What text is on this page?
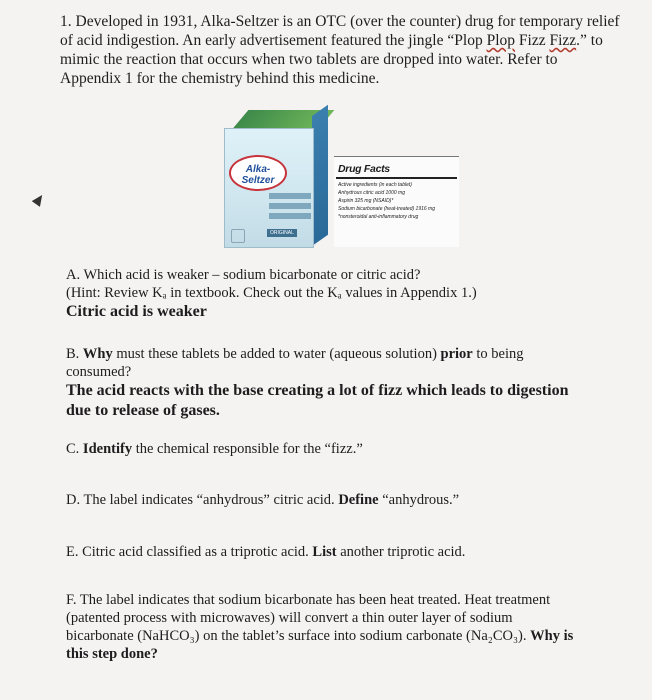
1. Developed in 1931, Alka-Seltzer is an OTC (over the counter) drug for temporary relief of acid indigestion. An early advertisement featured the jingle “Plop Plop Fizz Fizz.” to mimic the reaction that occurs when two tablets are dropped into water. Refer to Appendix 1 for the chemistry behind this medicine.
Alka-
Seltzer
ORIGINAL
Drug Facts
Active ingredients (in each tablet)
Anhydrous citric acid 1000 mg
Aspirin 325 mg (NSAID)*
Sodium bicarbonate (heat-treated) 1916 mg
*nonsteroidal anti-inflammatory drug
A. Which acid is weaker – sodium bicarbonate or citric acid?
(Hint: Review Kₐ in textbook. Check out the Kₐ values in Appendix 1.)
Citric acid is weaker
B. Why must these tablets be added to water (aqueous solution) prior to being consumed?
The acid reacts with the base creating a lot of fizz which leads to digestion due to release of gases.
C. Identify the chemical responsible for the “fizz.”
D. The label indicates “anhydrous” citric acid. Define “anhydrous.”
E. Citric acid classified as a triprotic acid. List another triprotic acid.
F. The label indicates that sodium bicarbonate has been heat treated. Heat treatment (patented process with microwaves) will convert a thin outer layer of sodium bicarbonate (NaHCO₃) on the tablet’s surface into sodium carbonate (Na₂CO₃). Why is this step done?
